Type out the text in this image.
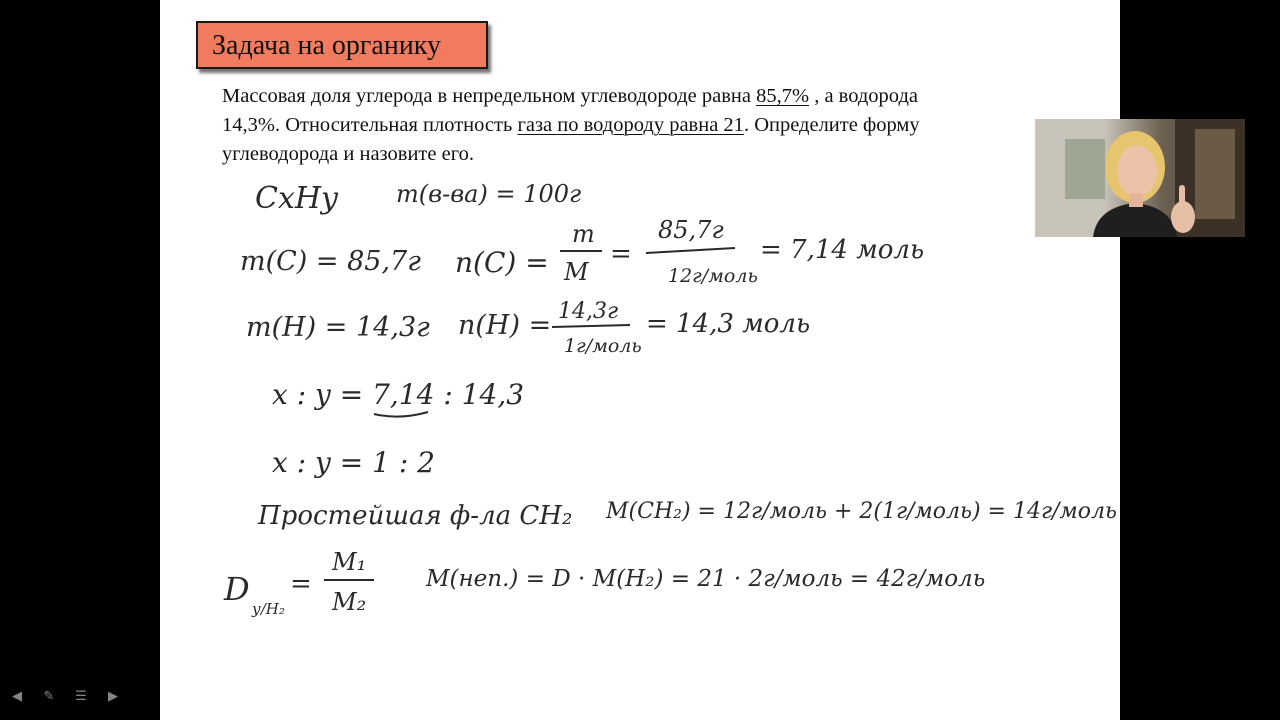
Задача на органику
Массовая доля углерода в непредельном углеводороде равна 85,7% , а водорода
14,3%. Относительная плотность газа по водороду равна 21. Определите форму
углеводорода и назовите его.
CxHy m(в-ва) = 100г
m(C) = 85,7г n(C) =
m
M
=
85,7г
12г/моль
= 7,14 моль
m(H) = 14,3г n(H) = 14,3г
1г/моль
= 14,3 моль
x : y = 7,14 : 14,3
x : y = 1 : 2
Простейшая ф-ла CH₂ M(CH₂) = 12г/моль + 2(1г/моль) = 14г/моль
D
у/H₂
=
M₁
M₂
M(неп.) = D · M(H₂) = 21 · 2г/моль = 42г/моль
◀	✎ ☰	▶
